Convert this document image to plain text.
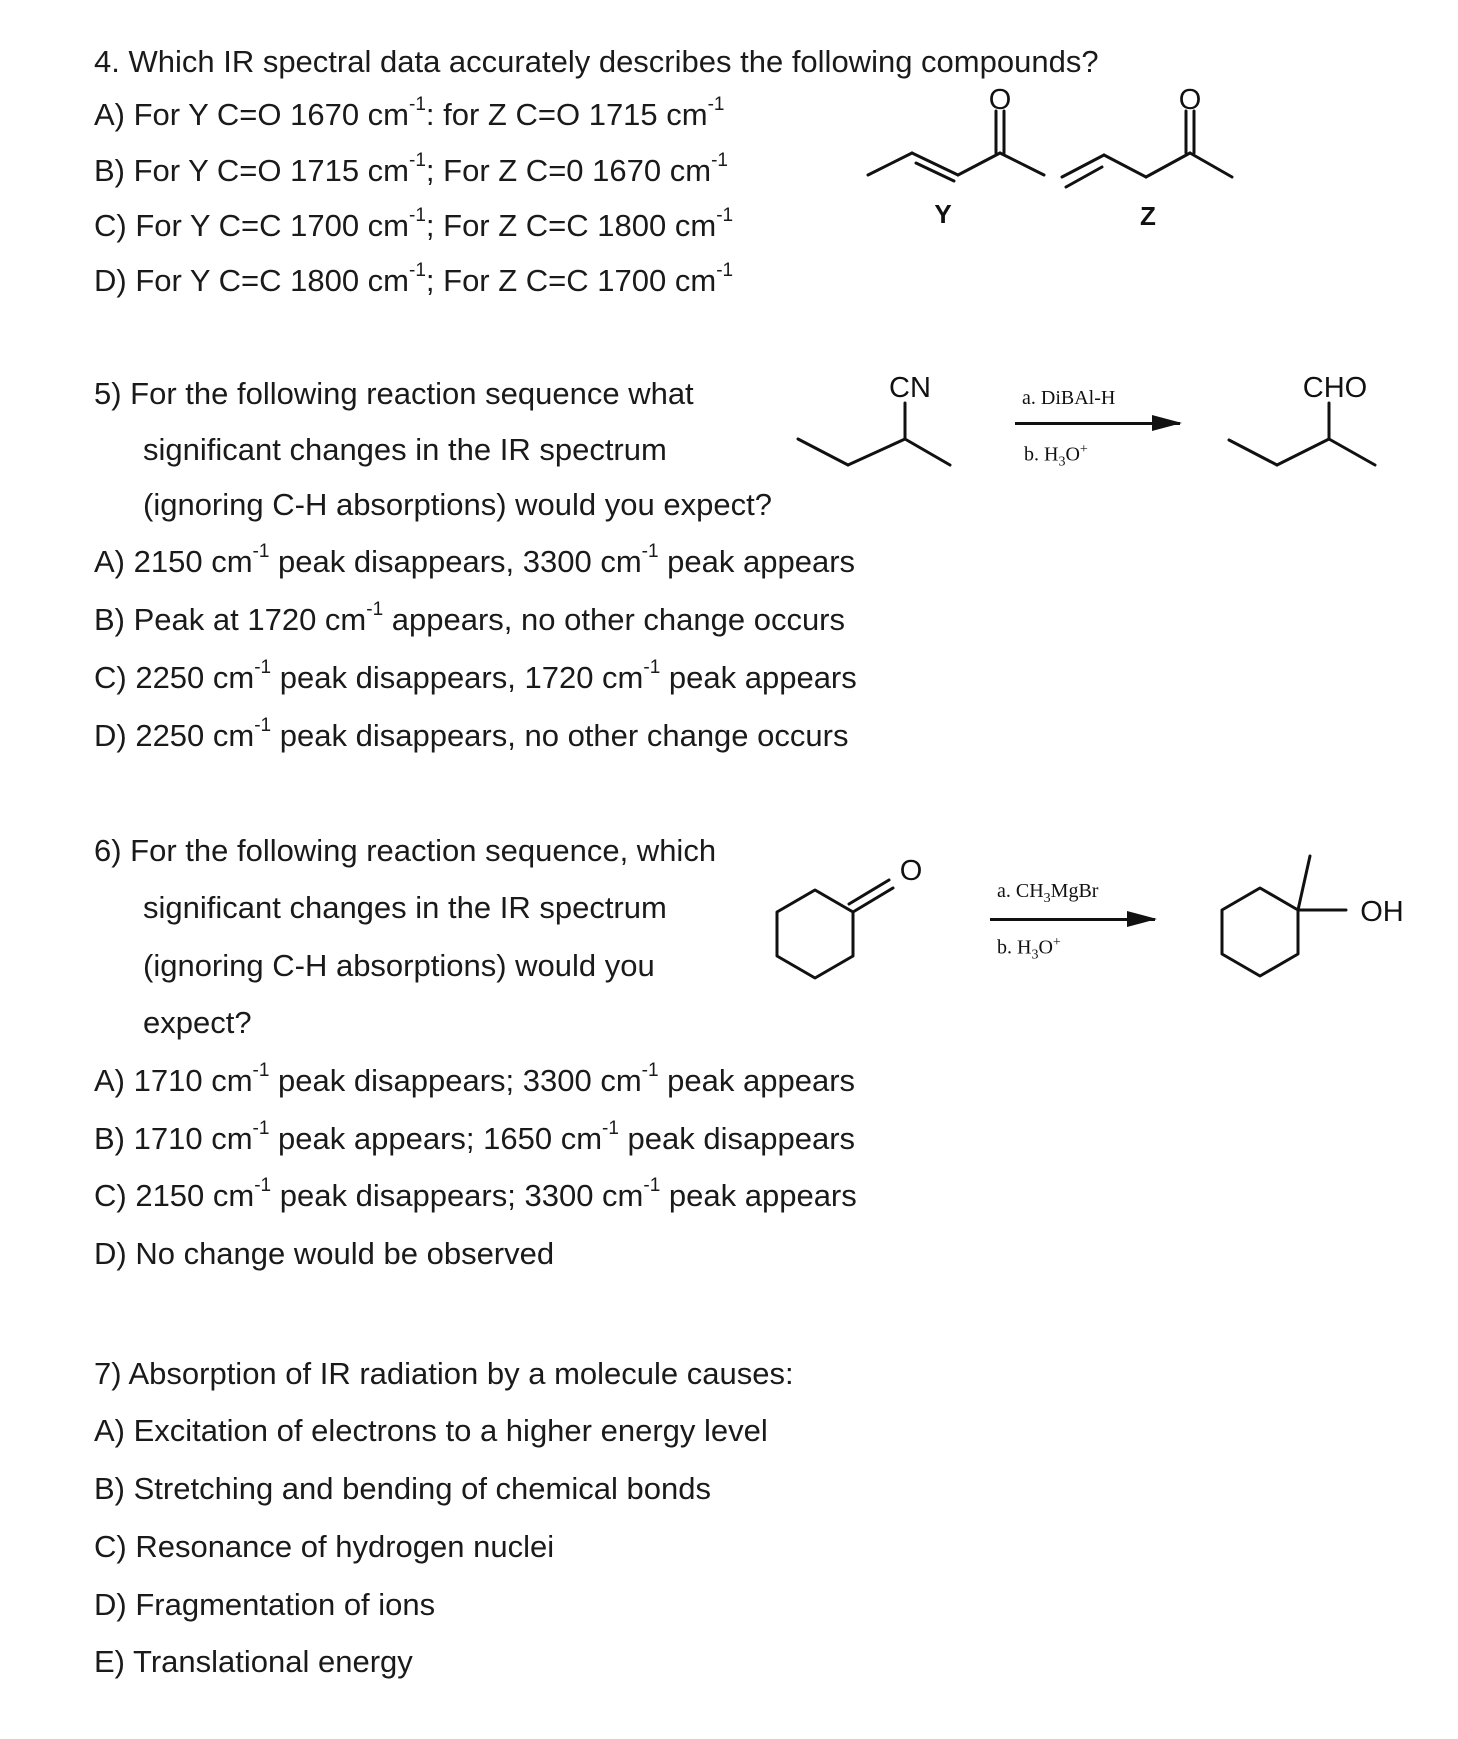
4. Which IR spectral data accurately describes the following compounds?
A) For Y C=O 1670 $cm^{-1}$: for Z C=O 1715 $cm^{-1}$
B) For Y C=O 1715 $cm^{-1}$; For Z C=0 1670 $cm^{-1}$
C) For Y C=C 1700 $cm^{-1}$; For Z C=C 1800 $cm^{-1}$
D) For Y C=C 1800 $cm^{-1}$; For Z C=C 1700 $cm^{-1}$
O
Y
O
Z
5) For the following reaction sequence what
significant changes in the IR spectrum
(ignoring C-H absorptions) would you expect?
A) 2150 $cm^{-1}$ peak disappears, 3300 $cm^{-1}$ peak appears
B) Peak at 1720 $cm^{-1}$ appears, no other change occurs
C) 2250 $cm^{-1}$ peak disappears, 1720 $cm^{-1}$ peak appears
D) 2250 $cm^{-1}$ peak disappears, no other change occurs
CN	a. DiBAl-H
b. $H_3O^+$
CHO
6) For the following reaction sequence, which
significant changes in the IR spectrum
(ignoring C-H absorptions) would you
expect?
A) 1710 $cm^{-1}$ peak disappears; 3300 $cm^{-1}$ peak appears
B) 1710 $cm^{-1}$ peak appears; 1650 $cm^{-1}$ peak disappears
C) 2150 $cm^{-1}$ peak disappears; 3300 $cm^{-1}$ peak appears
D) No change would be observed
O
a. $CH_3MgBr$
b. $H_3O^+$
OH
7) Absorption of IR radiation by a molecule causes:
A) Excitation of electrons to a higher energy level
B) Stretching and bending of chemical bonds
C) Resonance of hydrogen nuclei
D) Fragmentation of ions
E) Translational energy
